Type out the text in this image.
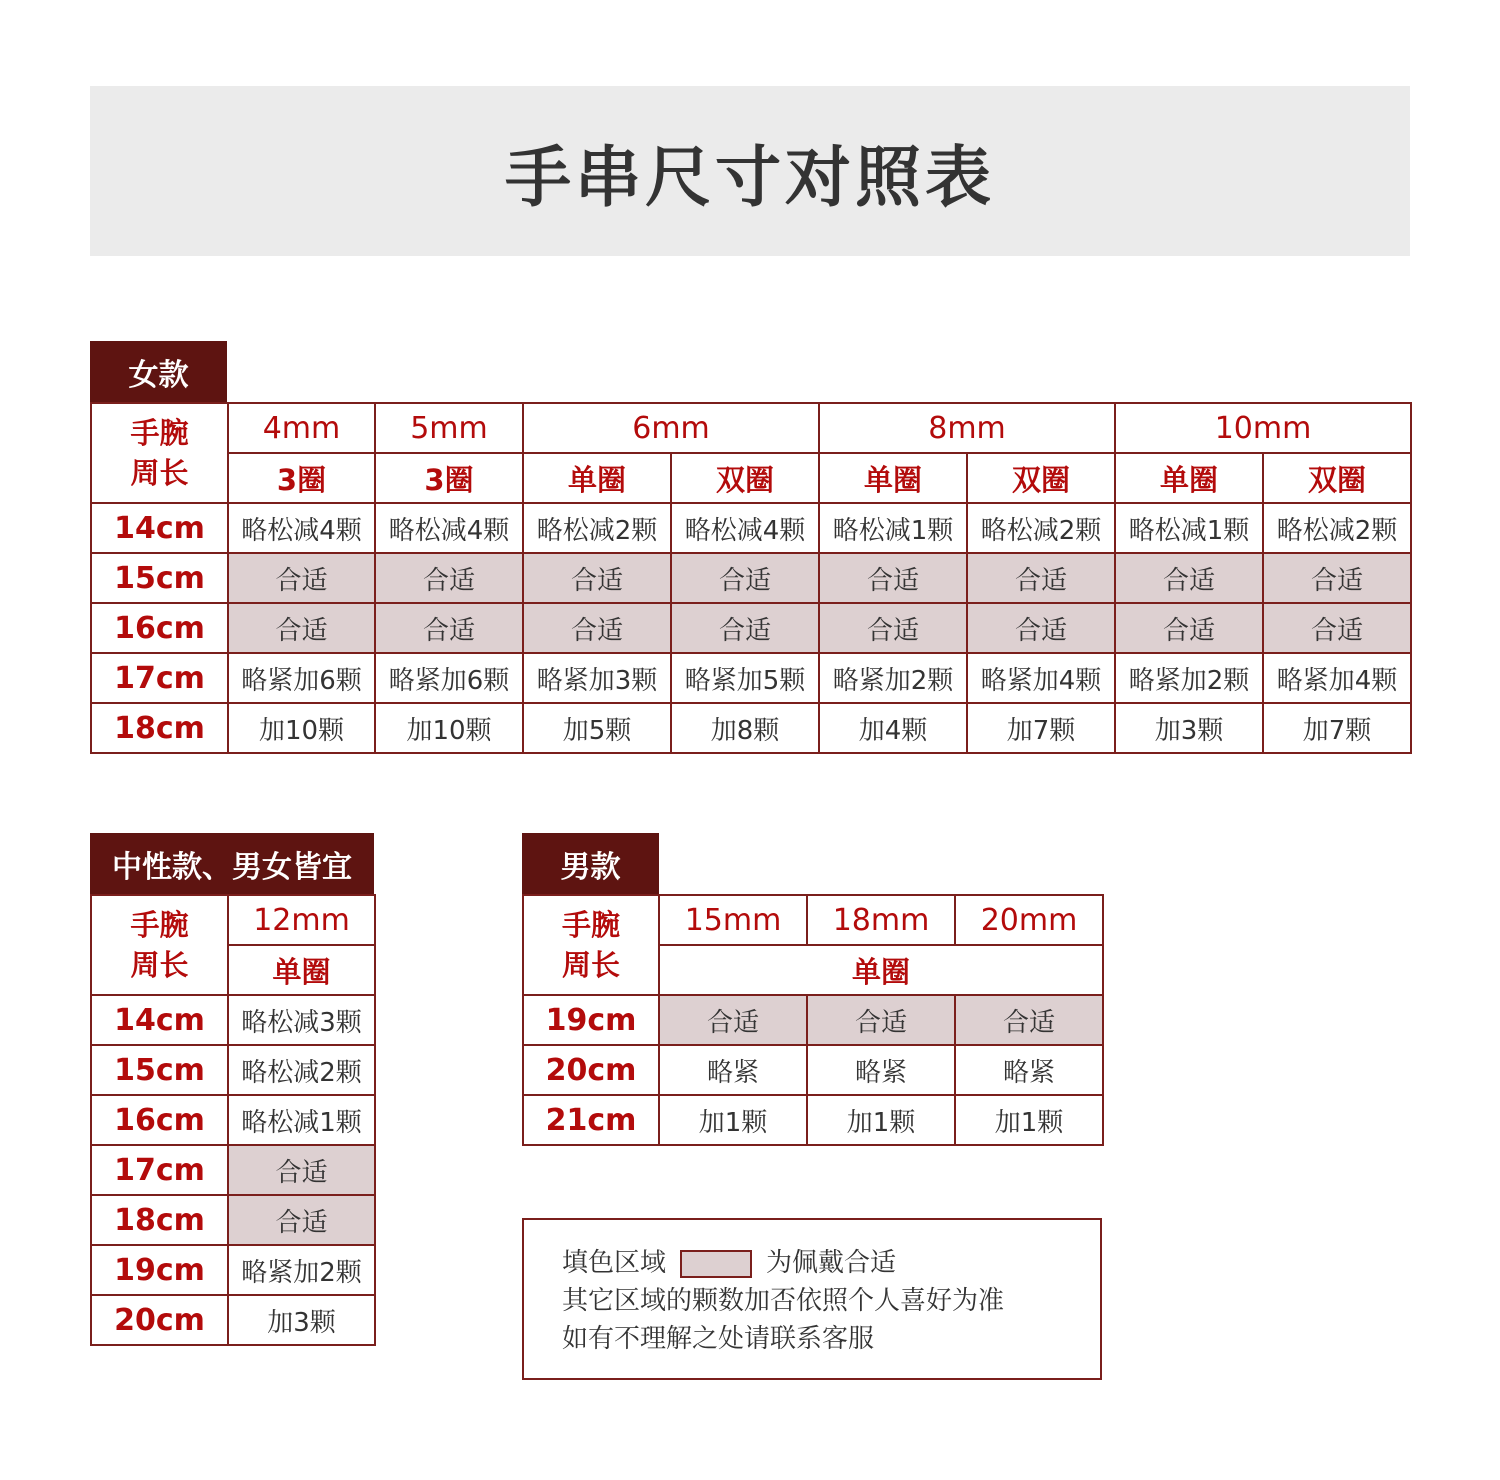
手串尺寸对照表
女款
手腕
周长	4mm	5mm	6mm		8mm		10mm	
	3圈	3圈	单圈	双圈	单圈	双圈	单圈	双圈
14cm	略松减4颗	略松减4颗	略松减2颗	略松减4颗	略松减1颗	略松减2颗	略松减1颗	略松减2颗
15cm	合适	合适	合适	合适	合适	合适	合适	合适
16cm	合适	合适	合适	合适	合适	合适	合适	合适
17cm	略紧加6颗	略紧加6颗	略紧加3颗	略紧加5颗	略紧加2颗	略紧加4颗	略紧加2颗	略紧加4颗
18cm	加10颗	加10颗	加5颗	加8颗	加4颗	加7颗	加3颗	加7颗
中性款、男女皆宜
手腕
周长	12mm
	单圈
14cm	略松减3颗
15cm	略松减2颗
16cm	略松减1颗
17cm	合适
18cm	合适
19cm	略紧加2颗
20cm	加3颗
男款
手腕
周长	15mm	18mm	20mm
	单圈		
19cm	合适	合适	合适
20cm	略紧	略紧	略紧
21cm	加1颗	加1颗	加1颗
填色区域	为佩戴合适
其它区域的颗数加否依照个人喜好为准
如有不理解之处请联系客服
